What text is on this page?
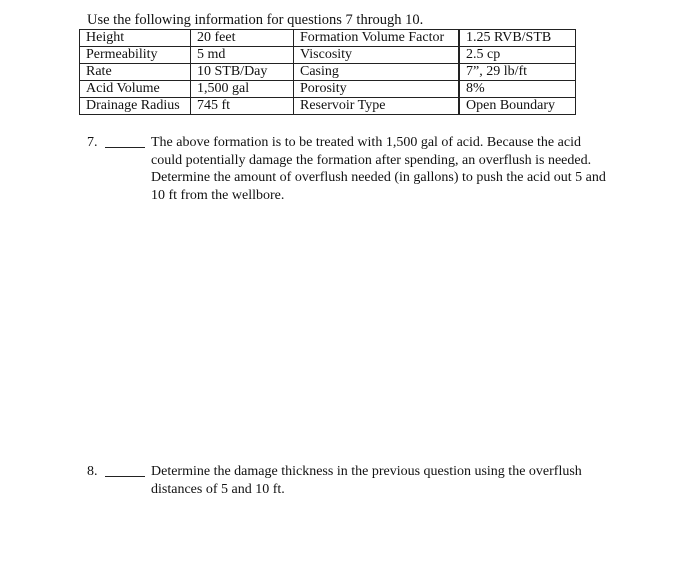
Use the following information for questions 7 through 10.
Height	20 feet	Formation Volume Factor	1.25 RVB/STB
Permeability	5 md	Viscosity	2.5 cp
Rate	10 STB/Day	Casing	7”, 29 lb/ft
Acid Volume	1,500 gal	Porosity	8%
Drainage Radius	745 ft	Reservoir Type	Open Boundary
7.	The above formation is to be treated with 1,500 gal of acid. Because the acid could potentially damage the formation after spending, an overflush is needed. Determine the amount of overflush needed (in gallons) to push the acid out 5 and 10 ft from the wellbore.
8.	Determine the damage thickness in the previous question using the overflush distances of 5 and 10 ft.
